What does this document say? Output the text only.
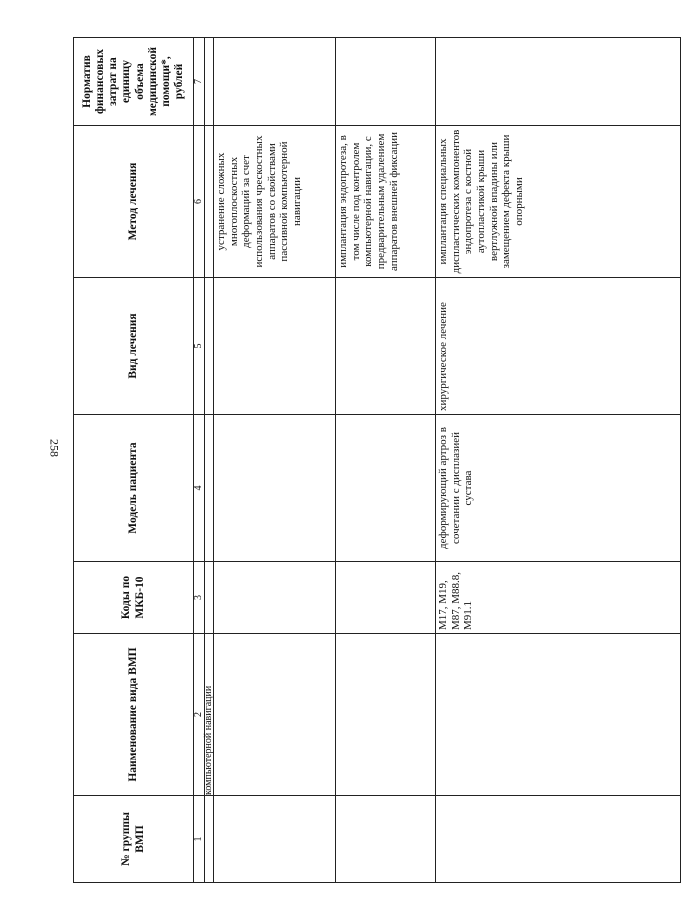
258
№ группы ВМП	Наименование вида ВМП	Коды по МКБ-10	Модель пациента	Вид лечения	Метод лечения	Норматив финансовых затрат на единицу объема медицинской помощи*, рублей
1	2	3	4	5	6	7
	компьютерной навигации					
					устранение сложных многоплоскостных деформаций за счет использования чрескостных аппаратов со свойствами пассивной компьютерной навигации	
					имплантация эндопротеза, в том числе под контролем компьютерной навигации, с предварительным удалением аппаратов внешней фиксации	
		M17, M19, M87, M88.8, M91.1	деформирующий артроз в сочетании с дисплазией сустава	хирургическое лечение	имплантация специальных диспластических компонентов эндопротеза с костной аутопластикой крыши вертлужной впадины или замещением дефекта крыши опорными	
